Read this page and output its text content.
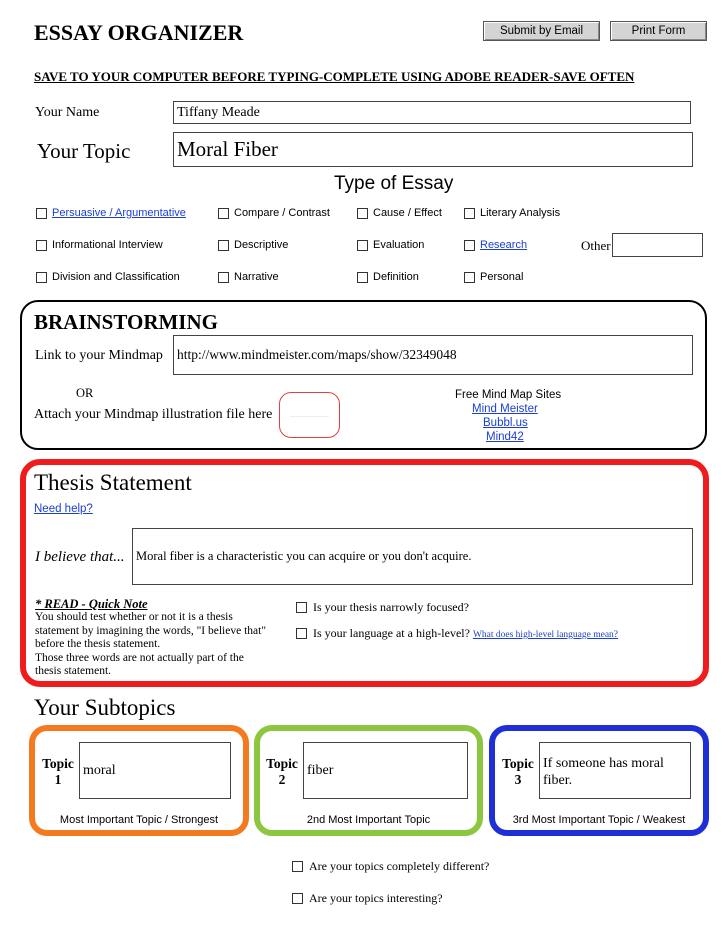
ESSAY ORGANIZER	Submit by Email	Print Form
SAVE TO YOUR COMPUTER BEFORE TYPING-COMPLETE USING ADOBE READER-SAVE OFTEN
Your Name	Tiffany Meade
Your Topic Moral Fiber
Type of Essay
Persuasive / Argumentative	Compare / Contrast	Cause / Effect	Literary Analysis
Informational Interview	Descriptive	Evaluation	Research
Division and Classification	Narrative	Definition	Personal
Other
BRAINSTORMING
Link to your Mindmap http://www.mindmeister.com/maps/show/32349048
OR
Attach your Mindmap illustration file here
Free Mind Map Sites
Mind Meister
Bubbl.us
Mind42
Thesis Statement
Need help?
I believe that... Moral fiber is a characteristic you can acquire or you don't acquire.
* READ - Quick Note
You should test whether or not it is a thesis
statement by imagining the words, "I believe that"
before the thesis statement.
Those three words are not actually part of the
thesis statement.
Is your thesis narrowly focused?
Is your language at a high-level? What does high-level language mean?
Your Subtopics
Topic
1
moral
Most Important Topic / Strongest
Topic
2
fiber
2nd Most Important Topic
Topic
3
If someone has moral fiber.
3rd Most Important Topic / Weakest
Are your topics completely different?
Are your topics interesting?
